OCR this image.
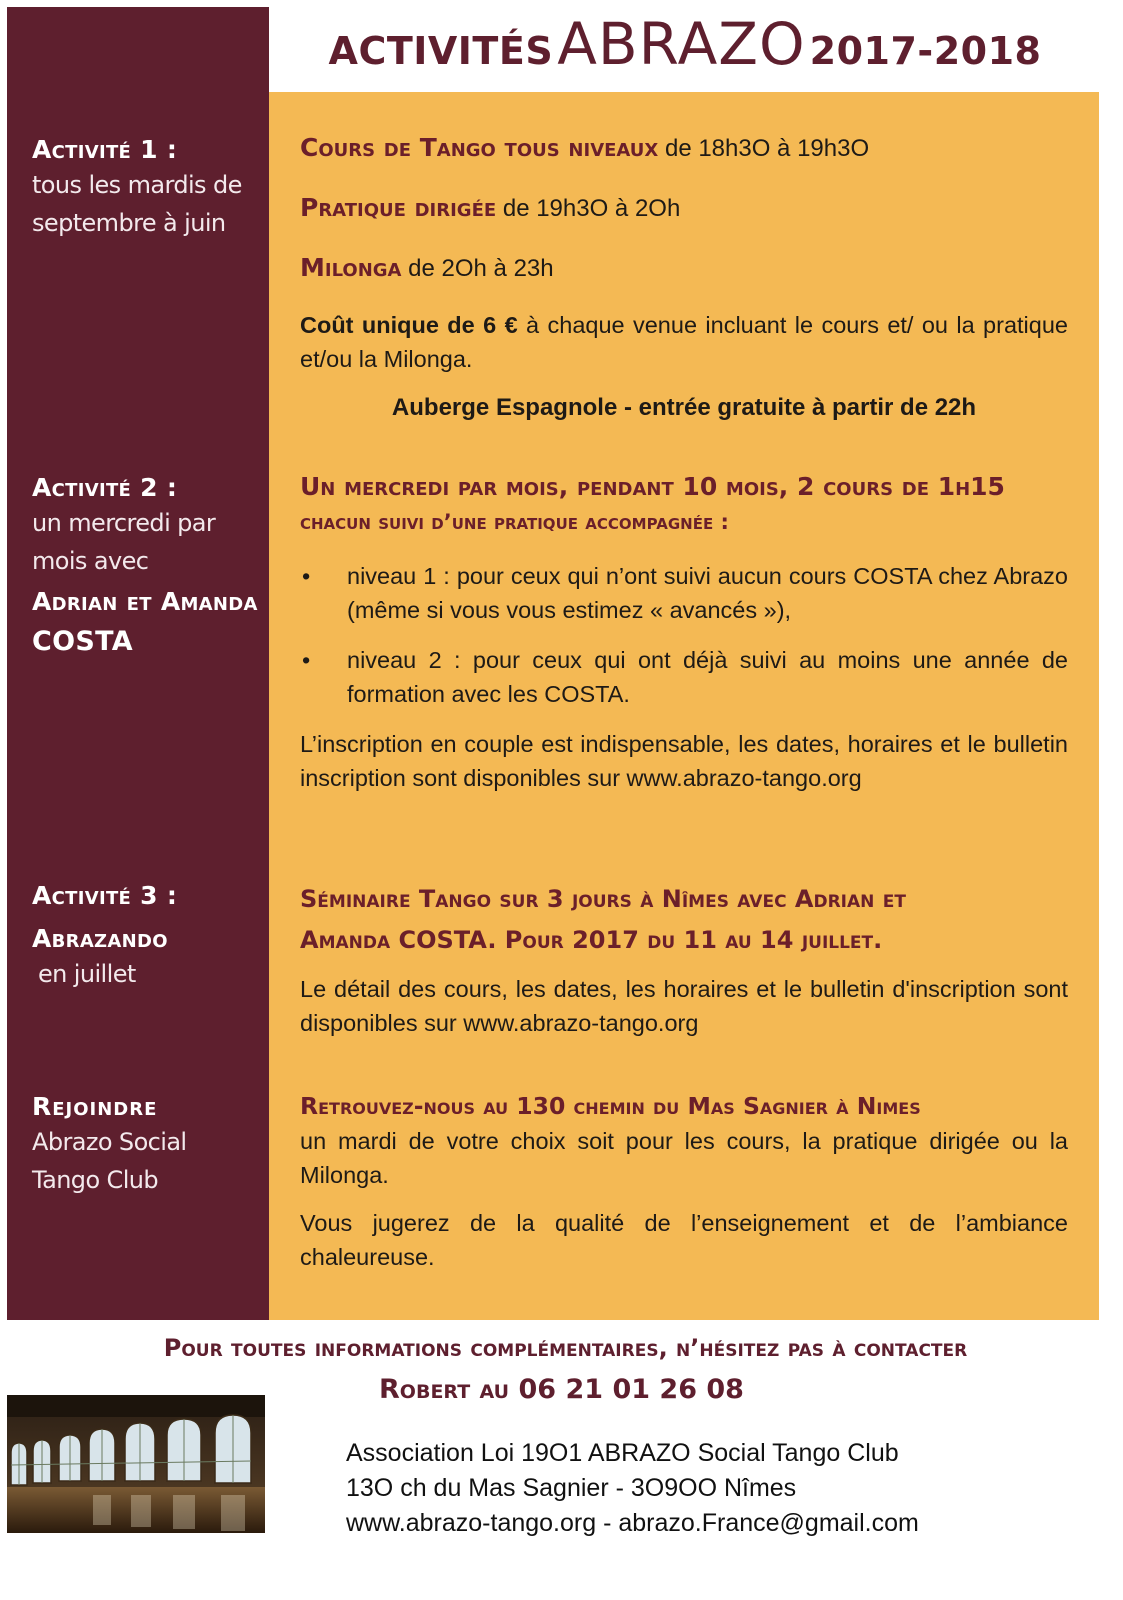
ACTIVITÉSABRAZO 2017-2018
Activité 1 :
tous les mardis de
septembre à juin
Activité 2 :
un mercredi par
mois avec
Adrian et Amanda
COSTA
Activité 3 :
Abrazando
en juillet
Rejoindre
Abrazo Social
Tango Club
Cours de Tango tous niveaux de 18h3O à 19h3O
Pratique dirigée de 19h3O à 2Oh
Milonga de 2Oh à 23h
Coût unique de 6 € à chaque venue incluant le cours et/ ou la pratique et/ou la Milonga.
Auberge Espagnole - entrée gratuite à partir de 22h
Un mercredi par mois, pendant 10 mois, 2 cours de 1h15
chacun suivi d’une pratique accompagnée :
• niveau 1 : pour ceux qui n’ont suivi aucun cours COSTA chez Abrazo (même si vous vous estimez « avancés »),
• niveau 2 : pour ceux qui ont déjà suivi au moins une année de formation avec les COSTA.
L’inscription en couple est indispensable, les dates, horaires et le bulletin inscription sont disponibles sur www.abrazo-tango.org
Séminaire Tango sur 3 jours à Nîmes avec Adrian et
Amanda COSTA. Pour 2017 du 11 au 14 juillet.
Le détail des cours, les dates, les horaires et le bulletin d'inscription sont disponibles sur www.abrazo-tango.org
Retrouvez-nous au 130 chemin du Mas Sagnier à Nimes
un mardi de votre choix soit pour les cours, la pratique dirigée ou la Milonga.
Vous jugerez de la qualité de l’enseignement et de l’ambiance chaleureuse.
Pour toutes informations complémentaires, n’hésitez pas à contacter
Robert au 06 21 01 26 08
Association Loi 19O1 ABRAZO Social Tango Club
13O ch du Mas Sagnier - 3O9OO Nîmes
www.abrazo-tango.org - abrazo.France@gmail.com
